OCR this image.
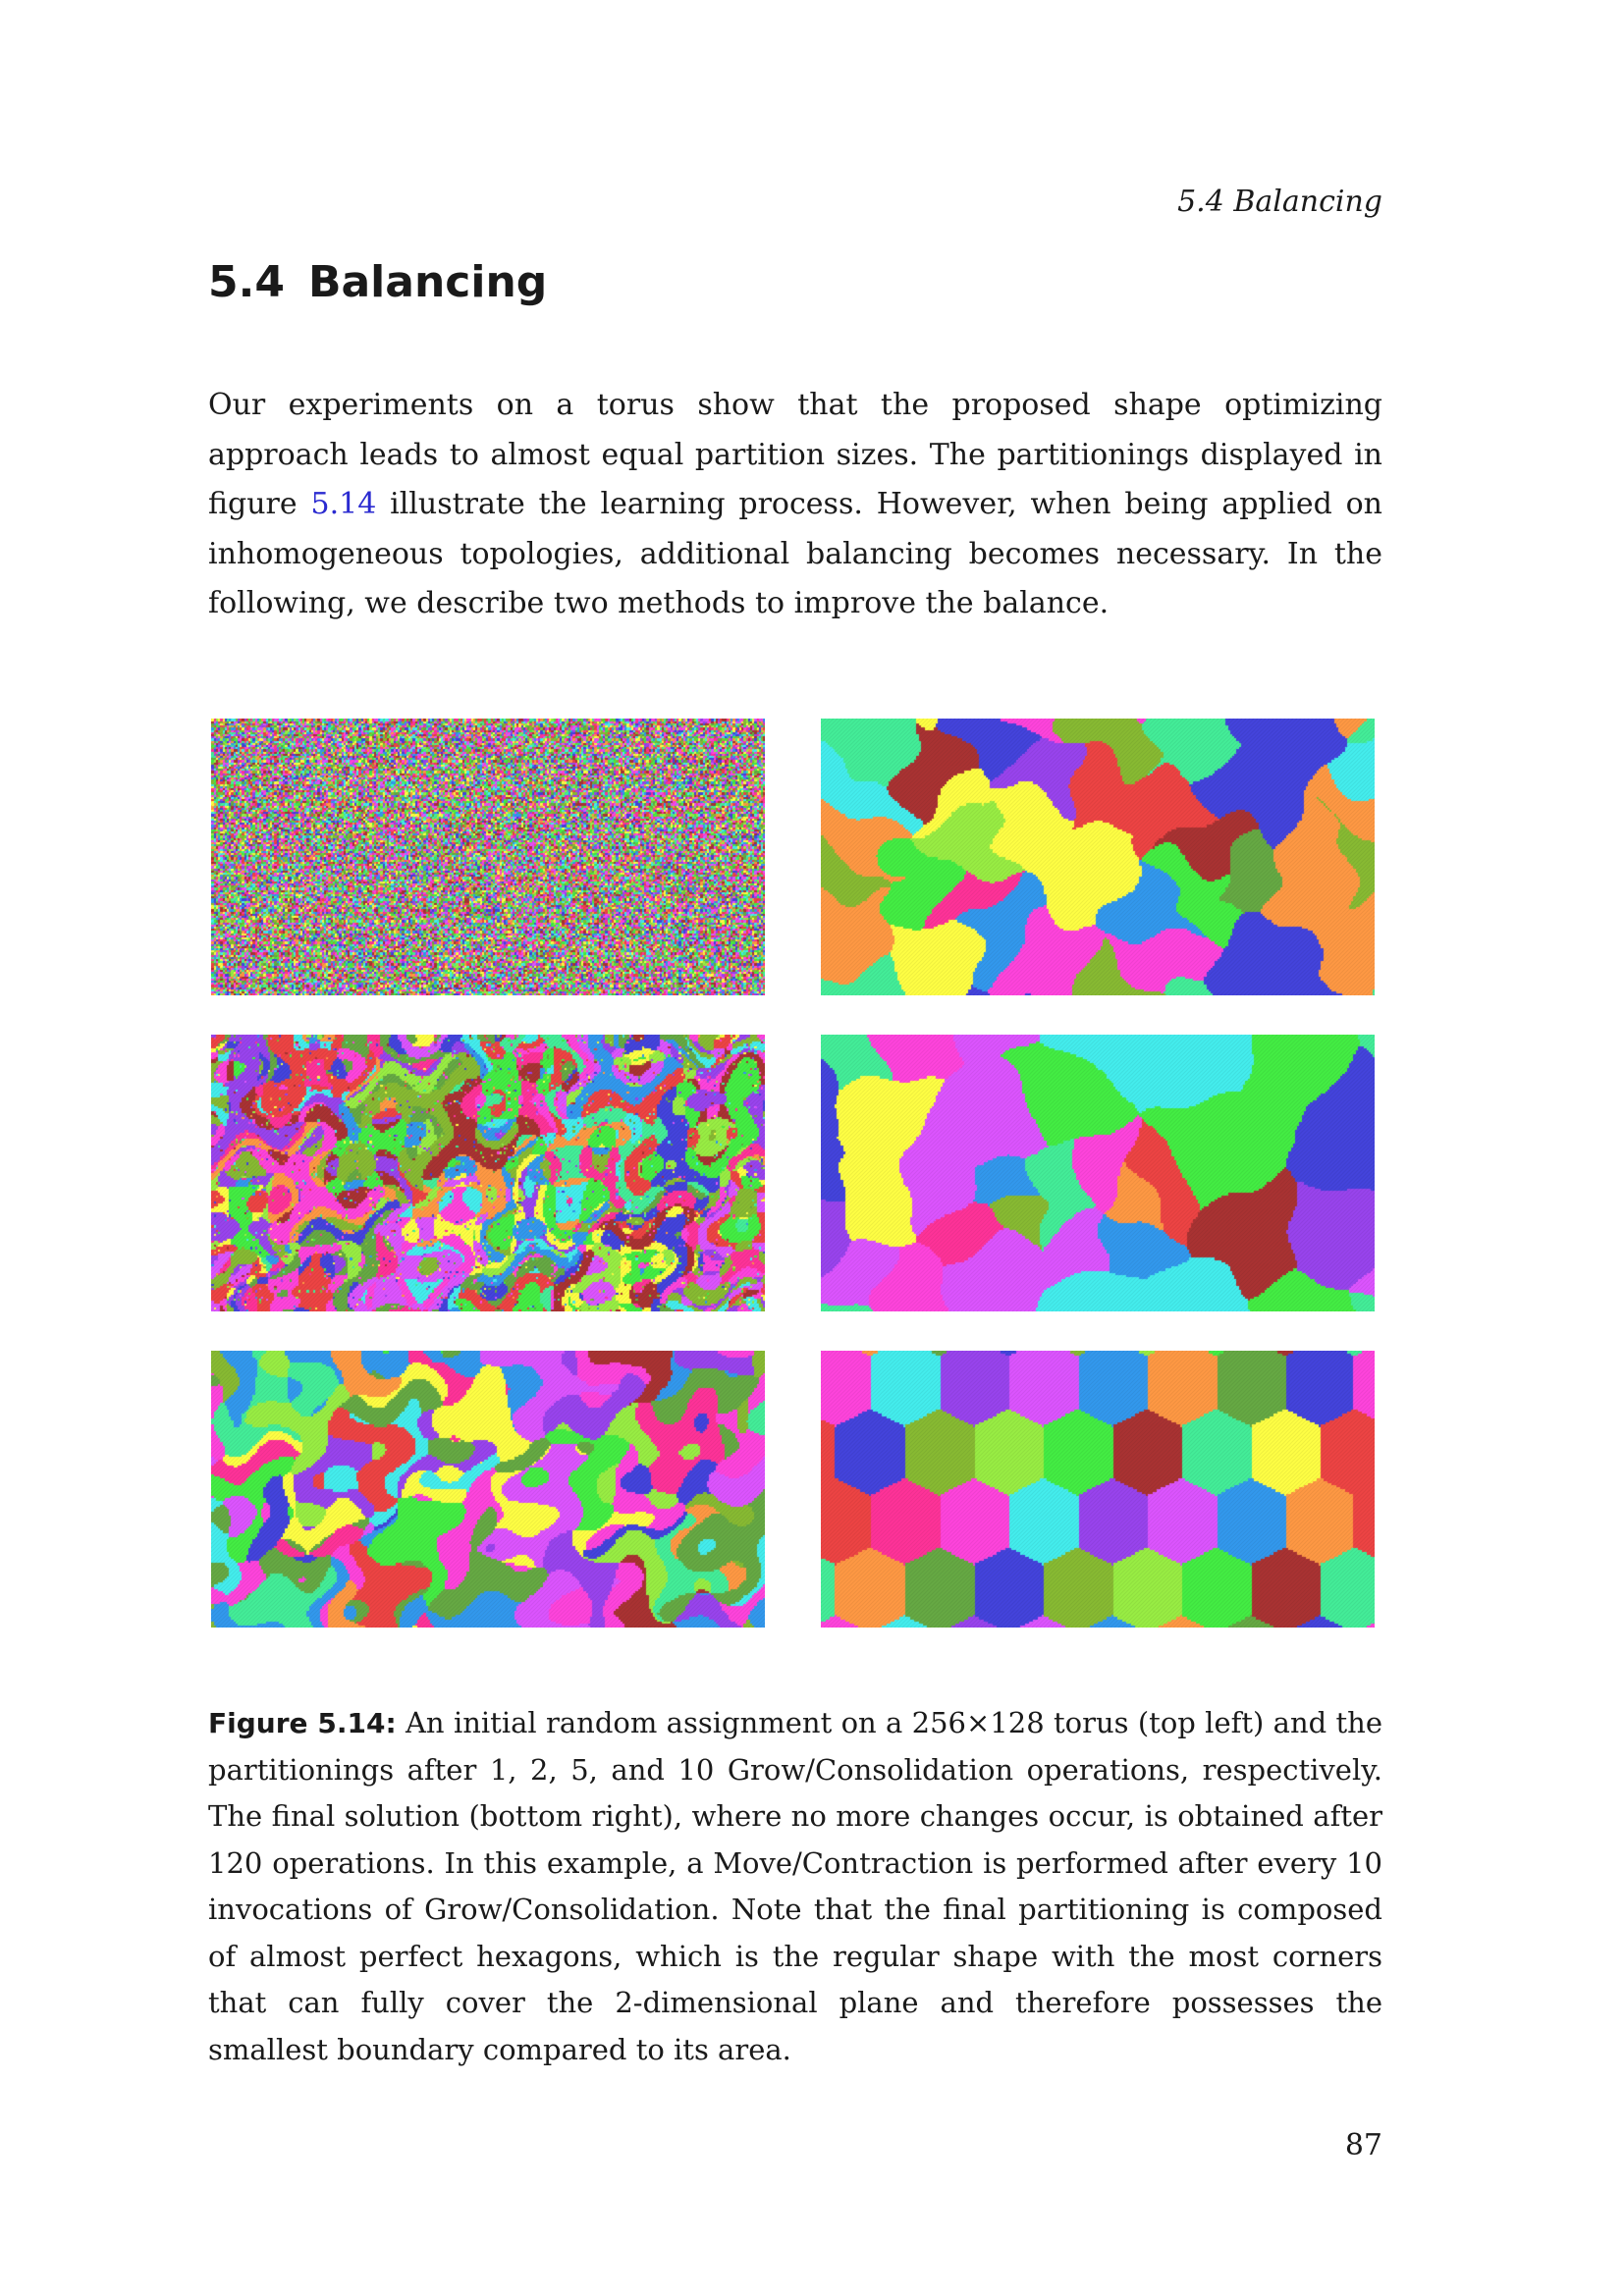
5.4 Balancing
5.4 Balancing

Our experiments on a torus show that the proposed shape optimizing approach leads to almost equal partition sizes. The partitionings displayed in figure 5.14 illustrate the learning process. However, when being applied on inhomogeneous topologies, additional balancing becomes necessary. In the following, we describe two methods to improve the balance.

Figure 5.14: An initial random assignment on a 256×128 torus (top left) and the partitionings after 1, 2, 5, and 10 Grow/Consolidation operations, respectively. The final solution (bottom right), where no more changes occur, is obtained after 120 operations. In this example, a Move/Contraction is performed after every 10 invocations of Grow/Consolidation. Note that the final partitioning is composed of almost perfect hexagons, which is the regular shape with the most corners that can fully cover the 2-dimensional plane and therefore possesses the smallest boundary compared to its area.

87
